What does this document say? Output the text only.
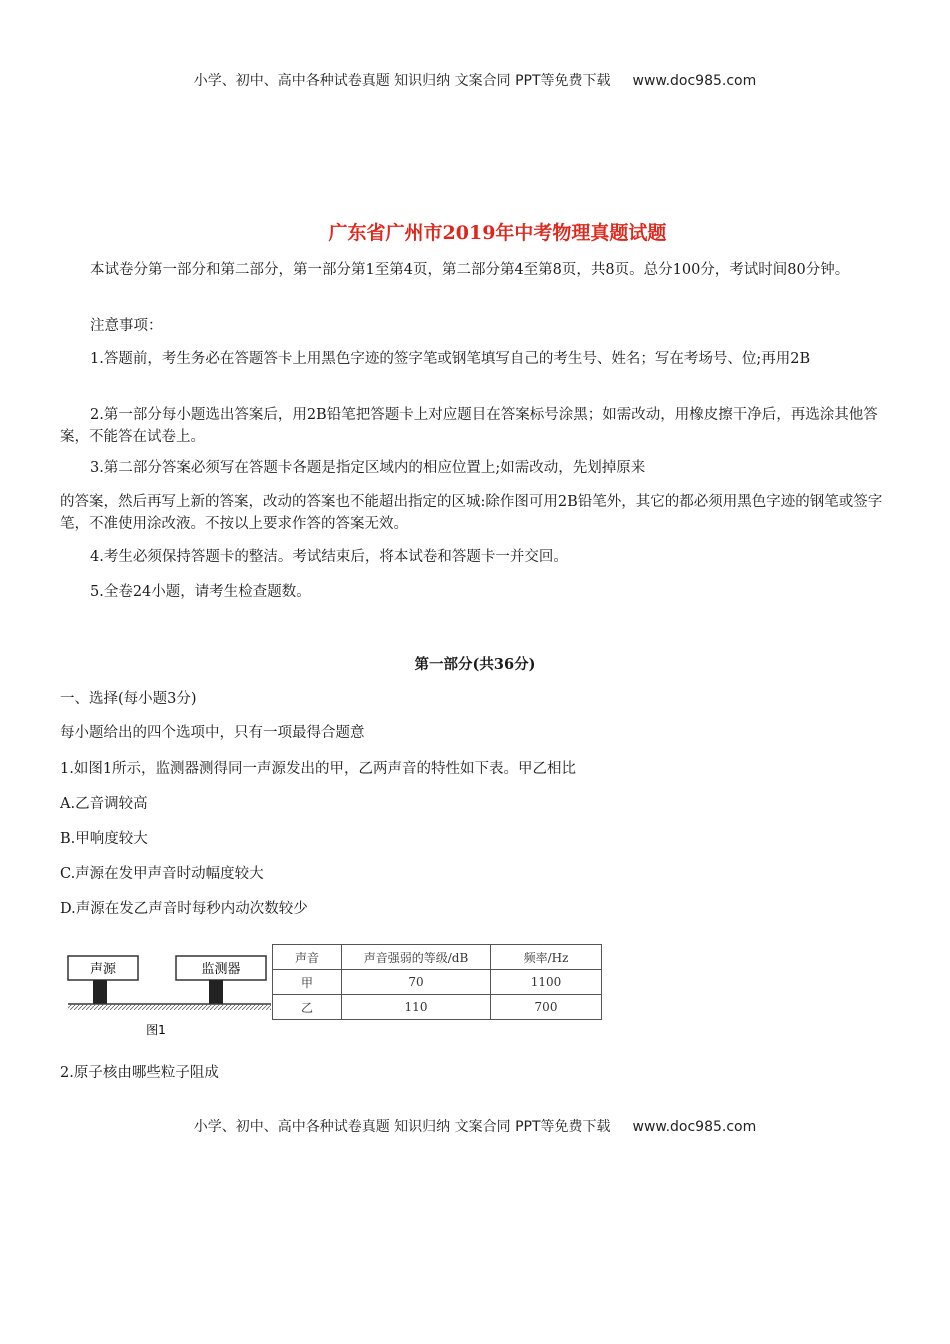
小学、初中、高中各种试卷真题 知识归纳 文案合同 PPT等免费下载 www.doc985.com
广东省广州市2019年中考物理真题试题
本试卷分第一部分和第二部分，第一部分第1至第4页，第二部分第4至第8页，共8页。总分100分，考试时间80分钟。
注意事项：
1.答题前，考生务必在答题答卡上用黑色字迹的签字笔或钢笔填写自己的考生号、姓名；写在考场号、位;再用2B
2.第一部分每小题选出答案后，用2B铅笔把答题卡上对应题目在答案标号涂黑；如需改动，用橡皮擦干净后，再选涂其他答案，不能答在试卷上。
3.第二部分答案必须写在答题卡各题是指定区域内的相应位置上;如需改动，先划掉原来
的答案，然后再写上新的答案，改动的答案也不能超出指定的区城:除作图可用2B铅笔外，其它的都必须用黑色字迹的钢笔或签字笔，不准使用涂改液。不按以上要求作答的答案无效。
4.考生必须保持答题卡的整洁。考试结束后，将本试卷和答题卡一并交回。
5.全卷24小题，请考生检查题数。
第一部分(共36分)
一、选择(每小题3分)
每小题给出的四个选项中，只有一项最得合题意
1.如图1所示，监测器测得同一声源发出的甲，乙两声音的特性如下表。甲乙相比
A.乙音调较高
B.甲响度较大
C.声源在发甲声音时动幅度较大
D.声源在发乙声音时每秒内动次数较少
声源	监测器
图1
声音	声音强弱的等级/dB	频率/Hz
甲	70	1100
乙	110	700
2.原子核由哪些粒子阻成
小学、初中、高中各种试卷真题 知识归纳 文案合同 PPT等免费下载 www.doc985.com
